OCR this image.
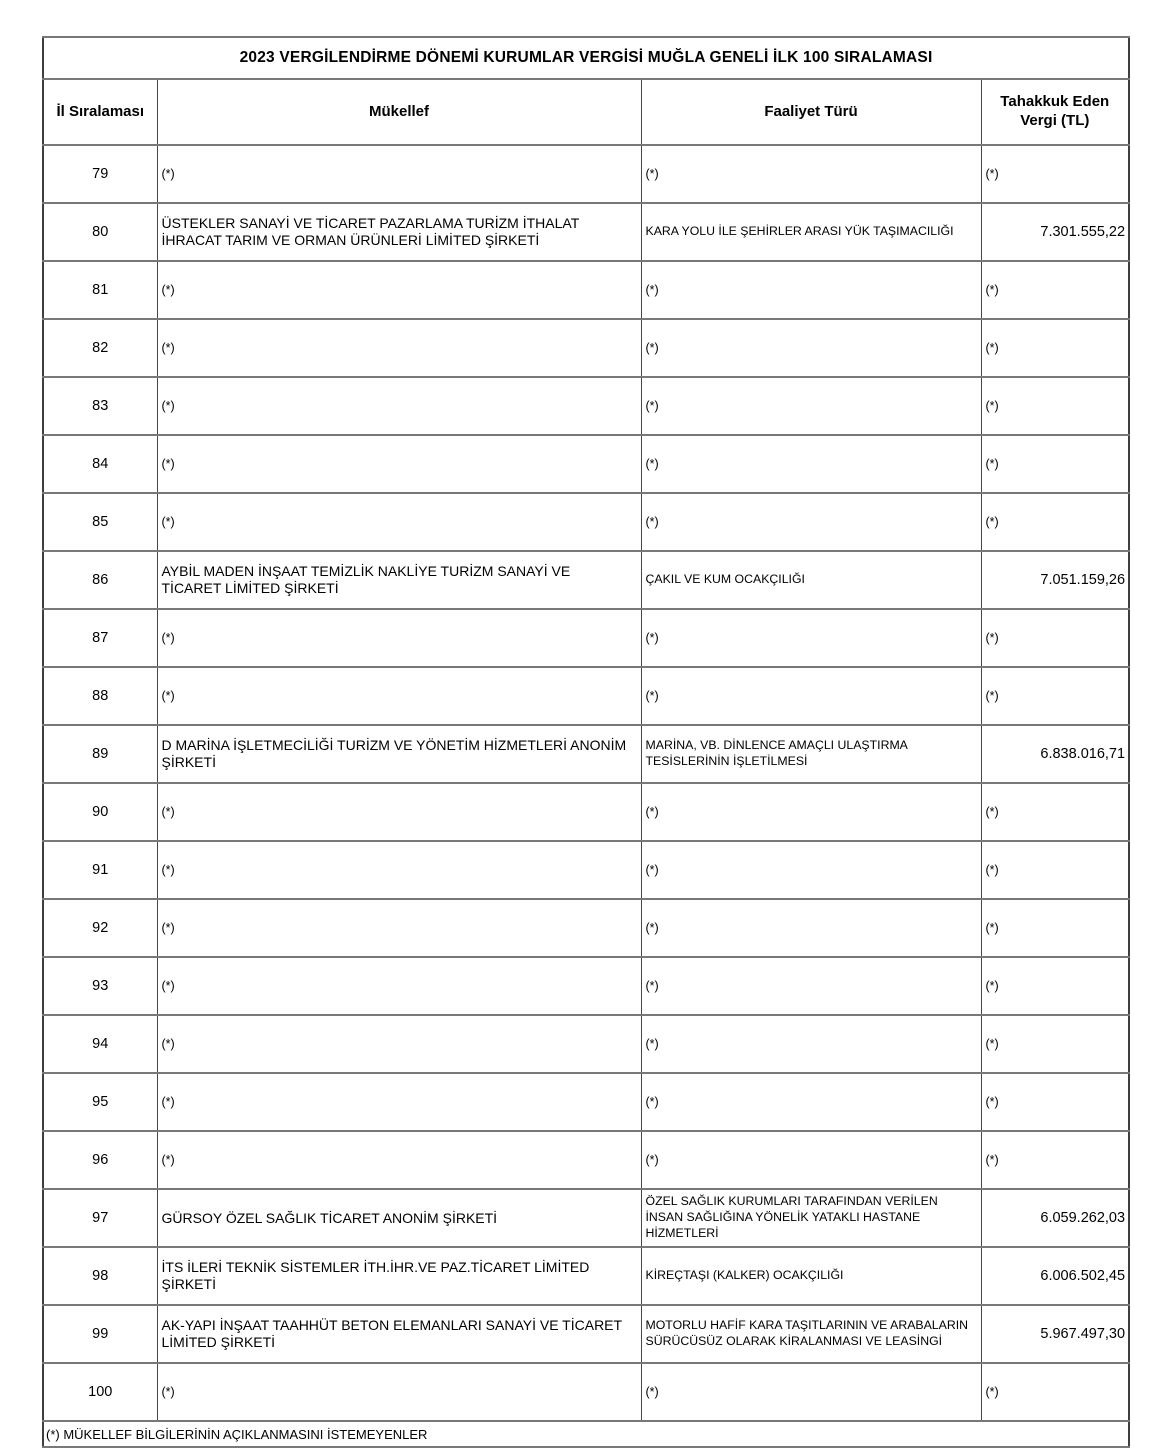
2023 VERGİLENDİRME DÖNEMİ KURUMLAR VERGİSİ MUĞLA GENELİ İLK 100 SIRALAMASI			
İl Sıralaması	Mükellef	Faaliyet Türü	Tahakkuk Eden Vergi (TL)
79	(*)	(*)	(*)
80	ÜSTEKLER SANAYİ VE TİCARET PAZARLAMA TURİZM İTHALAT İHRACAT TARIM VE ORMAN ÜRÜNLERİ LİMİTED ŞİRKETİ	KARA YOLU İLE ŞEHİRLER ARASI YÜK TAŞIMACILIĞI	7.301.555,22
81	(*)	(*)	(*)
82	(*)	(*)	(*)
83	(*)	(*)	(*)
84	(*)	(*)	(*)
85	(*)	(*)	(*)
86	AYBİL MADEN İNŞAAT TEMİZLİK NAKLİYE TURİZM SANAYİ VE TİCARET LİMİTED ŞİRKETİ	ÇAKIL VE KUM OCAKÇILIĞI	7.051.159,26
87	(*)	(*)	(*)
88	(*)	(*)	(*)
89	D MARİNA İŞLETMECİLİĞİ TURİZM VE YÖNETİM HİZMETLERİ ANONİM ŞİRKETİ	MARİNA, VB. DİNLENCE AMAÇLI ULAŞTIRMA TESİSLERİNİN İŞLETİLMESİ	6.838.016,71
90	(*)	(*)	(*)
91	(*)	(*)	(*)
92	(*)	(*)	(*)
93	(*)	(*)	(*)
94	(*)	(*)	(*)
95	(*)	(*)	(*)
96	(*)	(*)	(*)
97	GÜRSOY ÖZEL SAĞLIK TİCARET ANONİM ŞİRKETİ	ÖZEL SAĞLIK KURUMLARI TARAFINDAN VERİLEN İNSAN SAĞLIĞINA YÖNELİK YATAKLI HASTANE HİZMETLERİ	6.059.262,03
98	İTS İLERİ TEKNİK SİSTEMLER İTH.İHR.VE PAZ.TİCARET LİMİTED ŞİRKETİ	KİREÇTAŞI (KALKER) OCAKÇILIĞI	6.006.502,45
99	AK-YAPI İNŞAAT TAAHHÜT BETON ELEMANLARI SANAYİ VE TİCARET LİMİTED ŞİRKETİ	MOTORLU HAFİF KARA TAŞITLARININ VE ARABALARIN SÜRÜCÜSÜZ OLARAK KİRALANMASI VE LEASİNGİ	5.967.497,30
100	(*)	(*)	(*)
(*) MÜKELLEF BİLGİLERİNİN AÇIKLANMASINI İSTEMEYENLER			
